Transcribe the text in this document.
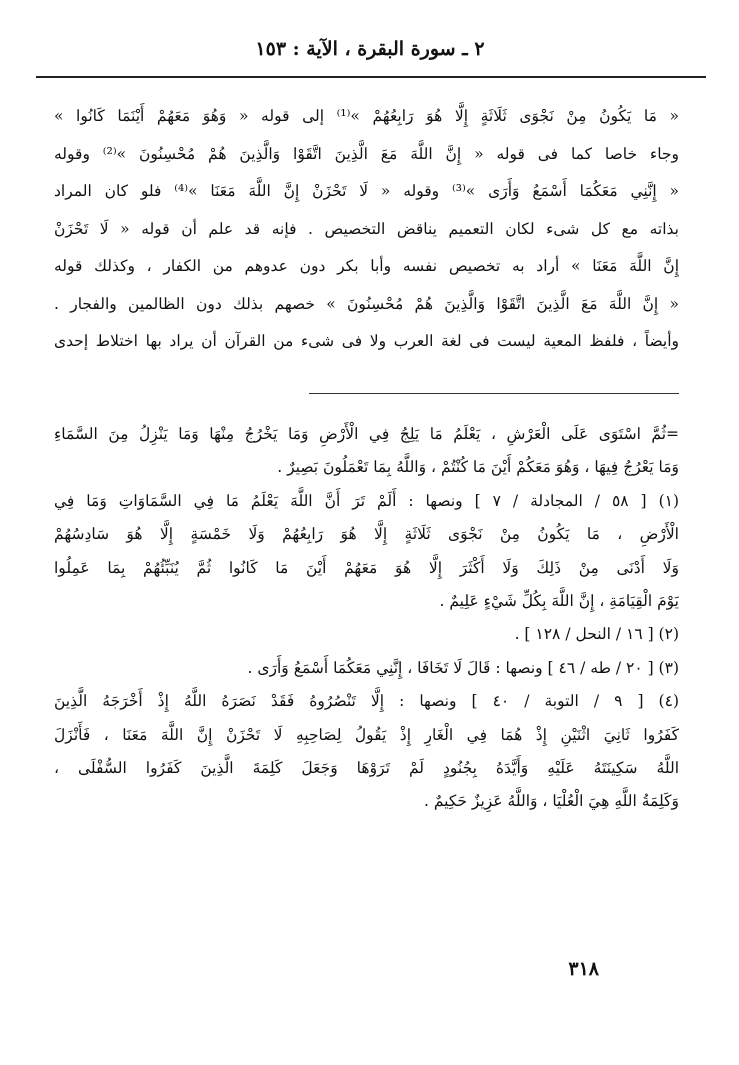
٢ ـ سورة البقرة ، الآية : ١٥٣
« مَا يَكُونُ مِنْ نَجْوَى ثَلَاثَةٍ إِلَّا هُوَ رَابِعُهُمْ »⁽¹⁾ إلى قوله « وَهُوَ مَعَهُمْ أَيْنَمَا كَانُوا »
وجاء خاصا كما فى قوله « إِنَّ اللَّهَ مَعَ الَّذِينَ اتَّقَوْا وَالَّذِينَ هُمْ مُحْسِنُونَ »⁽²⁾ وقوله
« إِنَّنِي مَعَكُمَا أَسْمَعُ وَأَرَى »⁽³⁾ وقوله « لَا تَحْزَنْ إِنَّ اللَّهَ مَعَنَا »⁽⁴⁾ فلو كان المراد
بذاته مع كل شىء لكان التعميم يناقض التخصيص . فإنه قد علم أن قوله « لَا تَحْزَنْ
إِنَّ اللَّهَ مَعَنَا » أراد به تخصيص نفسه وأبا بكر دون عدوهم من الكفار ، وكذلك قوله
« إِنَّ اللَّهَ مَعَ الَّذِينَ اتَّقَوْا وَالَّذِينَ هُمْ مُحْسِنُونَ » خصهم بذلك دون الظالمين والفجار .
وأيضاً ، فلفظ المعية ليست فى لغة العرب ولا فى شىء من القرآن أن يراد بها اختلاط إحدى
=ثُمَّ اسْتَوَى عَلَى الْعَرْشِ ، يَعْلَمُ مَا يَلِجُ فِي الْأَرْضِ وَمَا يَخْرُجُ مِنْهَا وَمَا يَنْزِلُ مِنَ السَّمَاءِ
وَمَا يَعْرُجُ فِيهَا ، وَهُوَ مَعَكُمْ أَيْنَ مَا كُنْتُمْ ، وَاللَّهُ بِمَا تَعْمَلُونَ بَصِيرٌ .
(١) [ ٥٨ / المجادلة / ٧ ] ونصها : أَلَمْ تَرَ أَنَّ اللَّهَ يَعْلَمُ مَا فِي السَّمَاوَاتِ وَمَا فِي
الْأَرْضِ ، مَا يَكُونُ مِنْ نَجْوَى ثَلَاثَةٍ إِلَّا هُوَ رَابِعُهُمْ وَلَا خَمْسَةٍ إِلَّا هُوَ سَادِسُهُمْ
وَلَا أَدْنَى مِنْ ذَلِكَ وَلَا أَكْثَرَ إِلَّا هُوَ مَعَهُمْ أَيْنَ مَا كَانُوا ثُمَّ يُنَبِّئُهُمْ بِمَا عَمِلُوا
يَوْمَ الْقِيَامَةِ ، إِنَّ اللَّهَ بِكُلِّ شَيْءٍ عَلِيمٌ .
(٢) [ ١٦ / النحل / ١٢٨ ] .
(٣) [ ٢٠ / طه / ٤٦ ] ونصها : قَالَ لَا تَخَافَا ، إِنَّنِي مَعَكُمَا أَسْمَعُ وَأَرَى .
(٤) [ ٩ / التوبة / ٤٠ ] ونصها : إِلَّا تَنْصُرُوهُ فَقَدْ نَصَرَهُ اللَّهُ إِذْ أَخْرَجَهُ الَّذِينَ
كَفَرُوا ثَانِيَ اثْنَيْنِ إِذْ هُمَا فِي الْغَارِ إِذْ يَقُولُ لِصَاحِبِهِ لَا تَحْزَنْ إِنَّ اللَّهَ مَعَنَا ، فَأَنْزَلَ
اللَّهُ سَكِينَتَهُ عَلَيْهِ وَأَيَّدَهُ بِجُنُودٍ لَمْ تَرَوْهَا وَجَعَلَ كَلِمَةَ الَّذِينَ كَفَرُوا السُّفْلَى ،
وَكَلِمَةُ اللَّهِ هِيَ الْعُلْيَا ، وَاللَّهُ عَزِيزٌ حَكِيمٌ .
٣١٨
